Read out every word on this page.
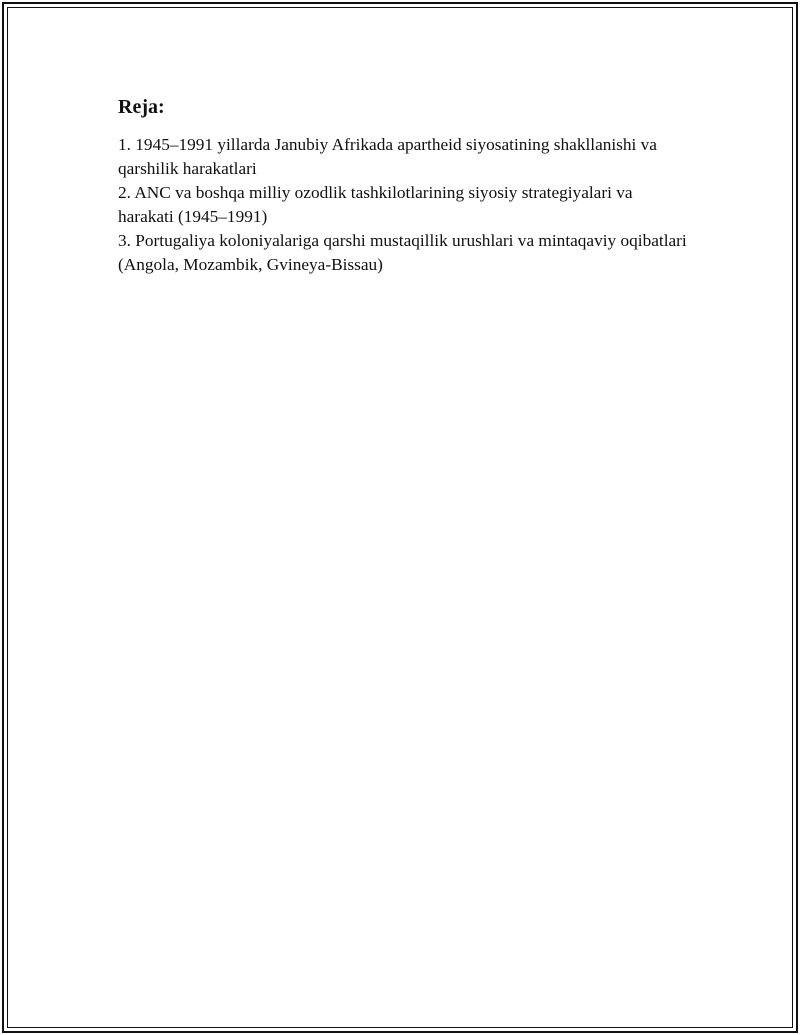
Reja:
1. 1945–1991 yillarda Janubiy Afrikada apartheid siyosatining shakllanishi va qarshilik harakatlari
2. ANC va boshqa milliy ozodlik tashkilotlarining siyosiy strategiyalari va harakati (1945–1991)
3. Portugaliya koloniyalariga qarshi mustaqillik urushlari va mintaqaviy oqibatlari (Angola, Mozambik, Gvineya-Bissau)
